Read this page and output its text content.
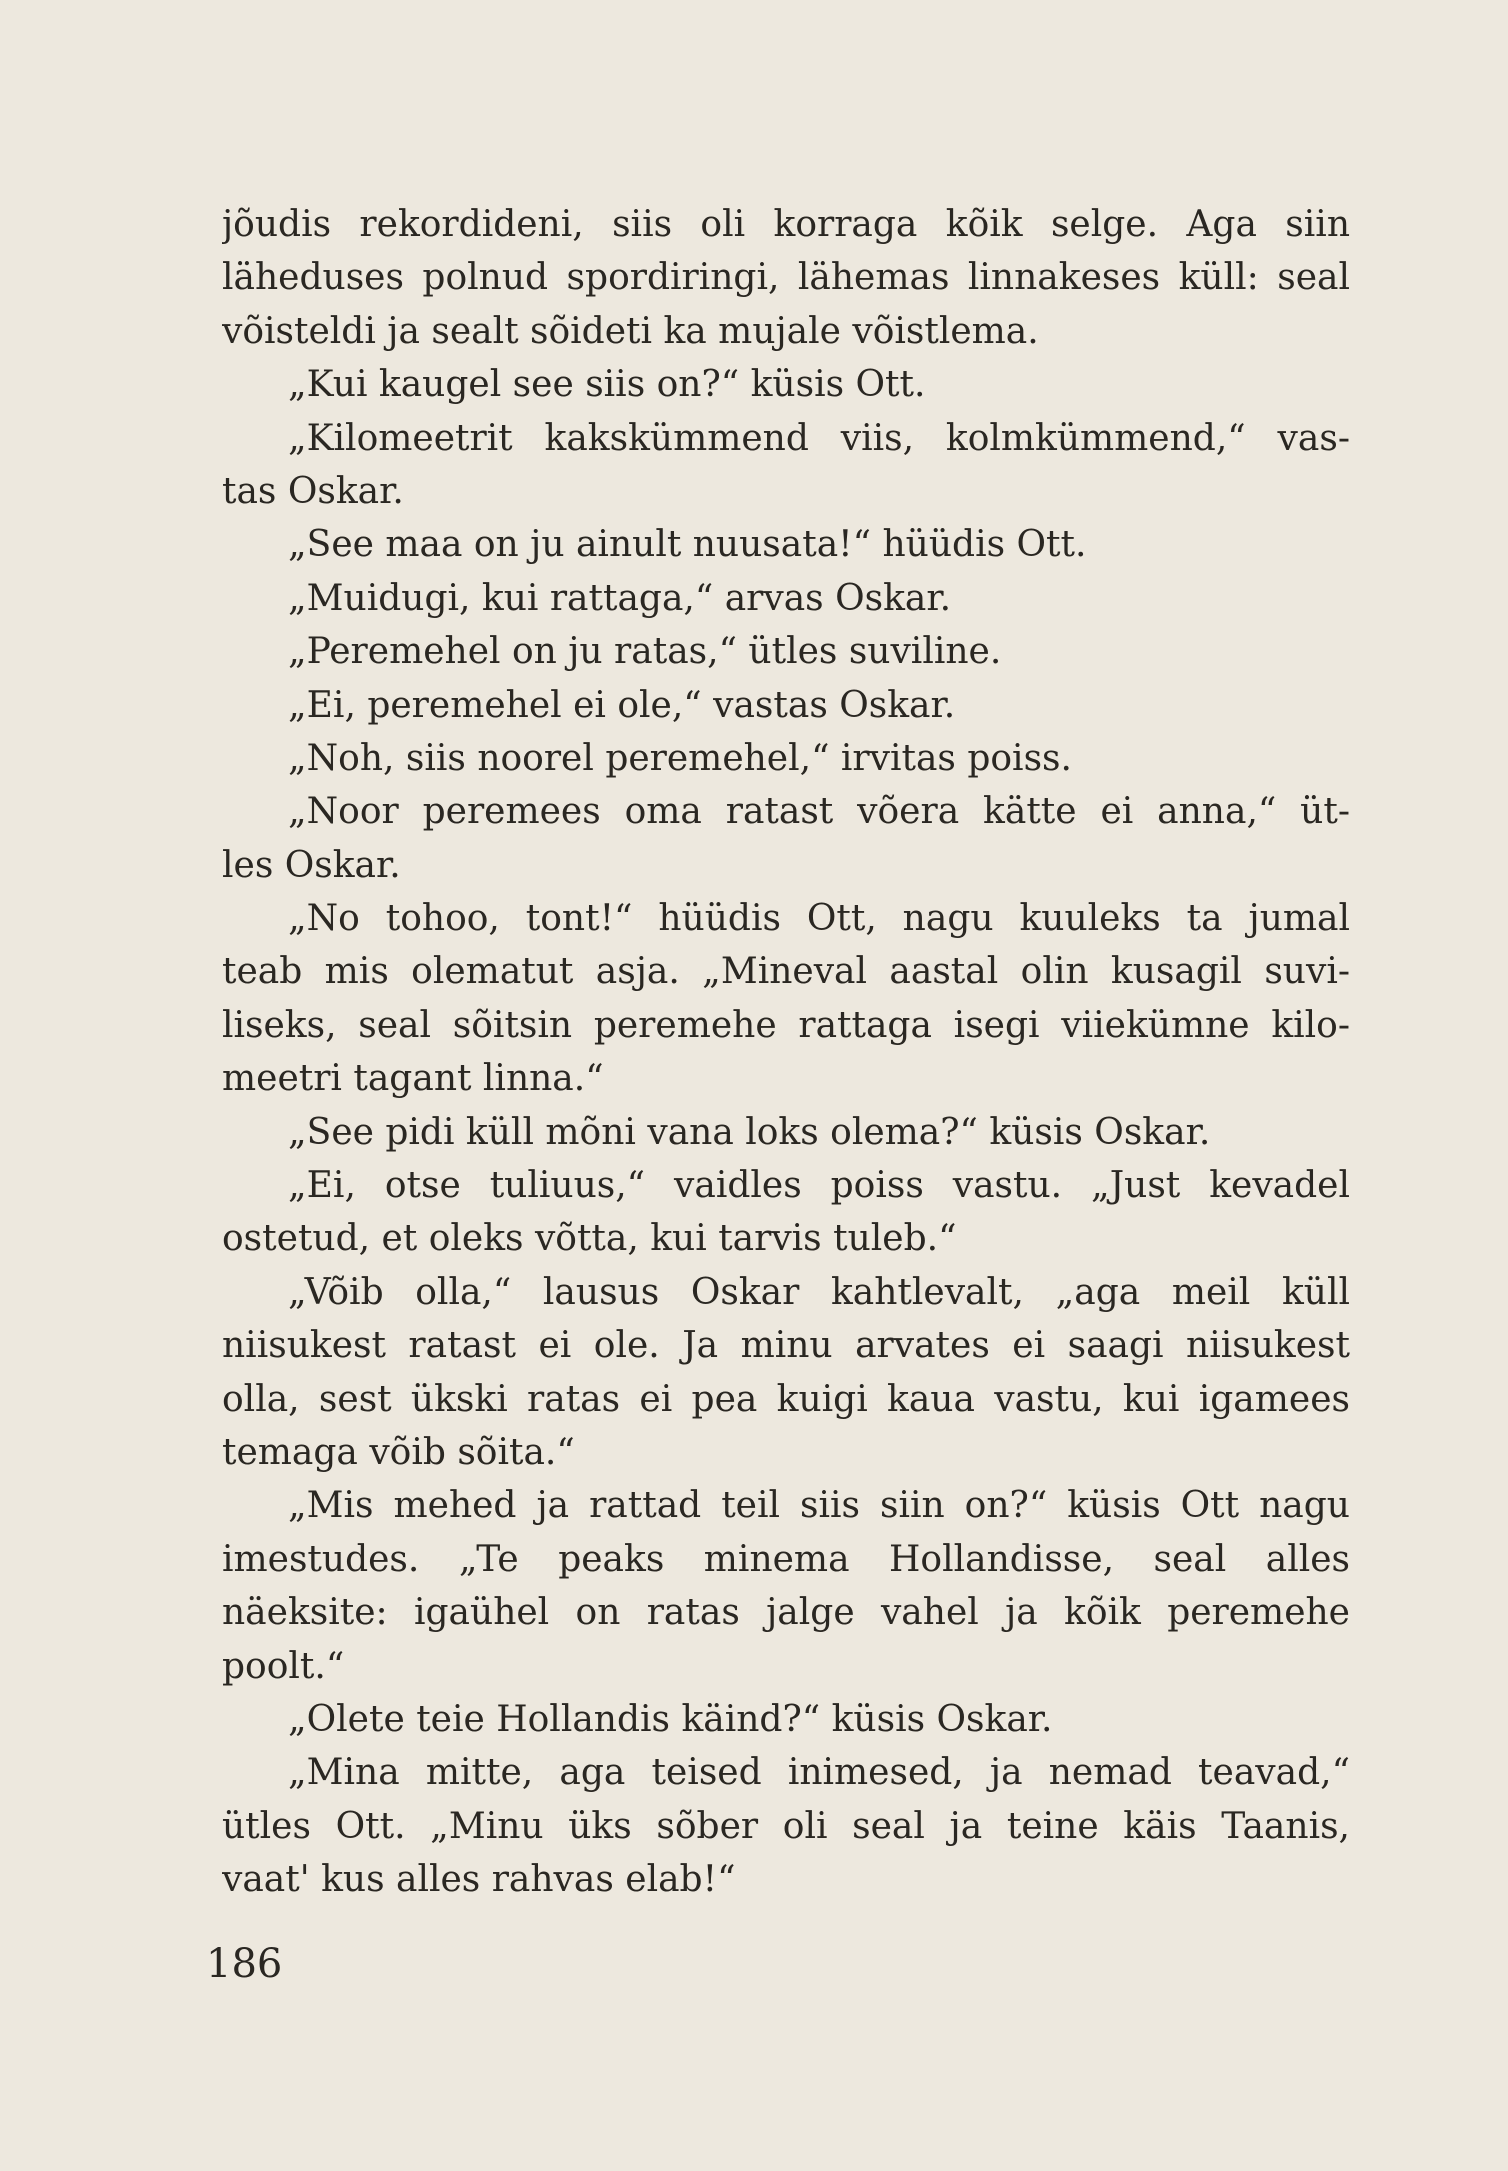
jõudis rekordideni, siis oli korraga kõik selge. Aga siin
läheduses polnud spordiringi, lähemas linnakeses küll: seal
võisteldi ja sealt sõideti ka mujale võistlema.
„Kui kaugel see siis on?“ küsis Ott.
„Kilomeetrit kakskümmend viis, kolmkümmend,“ vas-
tas Oskar.
„See maa on ju ainult nuusata!“ hüüdis Ott.
„Muidugi, kui rattaga,“ arvas Oskar.
„Peremehel on ju ratas,“ ütles suviline.
„Ei, peremehel ei ole,“ vastas Oskar.
„Noh, siis noorel peremehel,“ irvitas poiss.
„Noor peremees oma ratast võera kätte ei anna,“ üt-
les Oskar.
„No tohoo, tont!“ hüüdis Ott, nagu kuuleks ta jumal
teab mis olematut asja. „Mineval aastal olin kusagil suvi-
liseks, seal sõitsin peremehe rattaga isegi viiekümne kilo-
meetri tagant linna.“
„See pidi küll mõni vana loks olema?“ küsis Oskar.
„Ei, otse tuliuus,“ vaidles poiss vastu. „Just kevadel
ostetud, et oleks võtta, kui tarvis tuleb.“
„Võib olla,“ lausus Oskar kahtlevalt, „aga meil küll
niisukest ratast ei ole. Ja minu arvates ei saagi niisukest
olla, sest ükski ratas ei pea kuigi kaua vastu, kui igamees
temaga võib sõita.“
„Mis mehed ja rattad teil siis siin on?“ küsis Ott nagu
imestudes. „Te peaks minema Hollandisse, seal alles
näeksite: igaühel on ratas jalge vahel ja kõik peremehe
poolt.“
„Olete teie Hollandis käind?“ küsis Oskar.
„Mina mitte, aga teised inimesed, ja nemad teavad,“
ütles Ott. „Minu üks sõber oli seal ja teine käis Taanis,
vaat' kus alles rahvas elab!“
186
